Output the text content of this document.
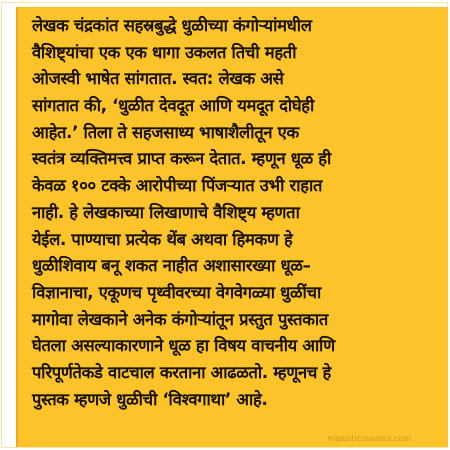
लेखक चंद्रकांत सहस्रबुद्धे धुळीच्या कंगोऱ्यांमधील
वैशिष्ट्यांचा एक एक धागा उकलत तिची महती
ओजस्वी भाषेत सांगतात. स्वत: लेखक असे
सांगतात की, ‘धुळीत देवदूत आणि यमदूत दोघेही
आहेत.’ तिला ते सहजसाध्य भाषाशैलीतून एक
स्वतंत्र व्यक्तिमत्त्व प्राप्त करून देतात. म्हणून धूळ ही
केवळ १०० टक्के आरोपीच्या पिंजऱ्यात उभी राहात
नाही. हे लेखकाच्या लिखाणाचे वैशिष्ट्य म्हणता
येईल. पाण्याचा प्रत्येक थेंब अथवा हिमकण हे
धुळीशिवाय बनू शकत नाहीत अशासारख्या धूळ–
विज्ञानाचा, एकूणच पृथ्वीवरच्या वेगवेगळ्या धुळींचा
मागोवा लेखकाने अनेक कंगोऱ्यांतून प्रस्तुत पुस्तकात
घेतला असल्याकारणाने धूळ हा विषय वाचनीय आणि
परिपूर्णतेकडे वाटचाल करताना आढळतो. म्हणूनच हे
पुस्तक म्हणजे धुळीची ‘विश्वगाथा’ आहे.

majesticreaders.com
